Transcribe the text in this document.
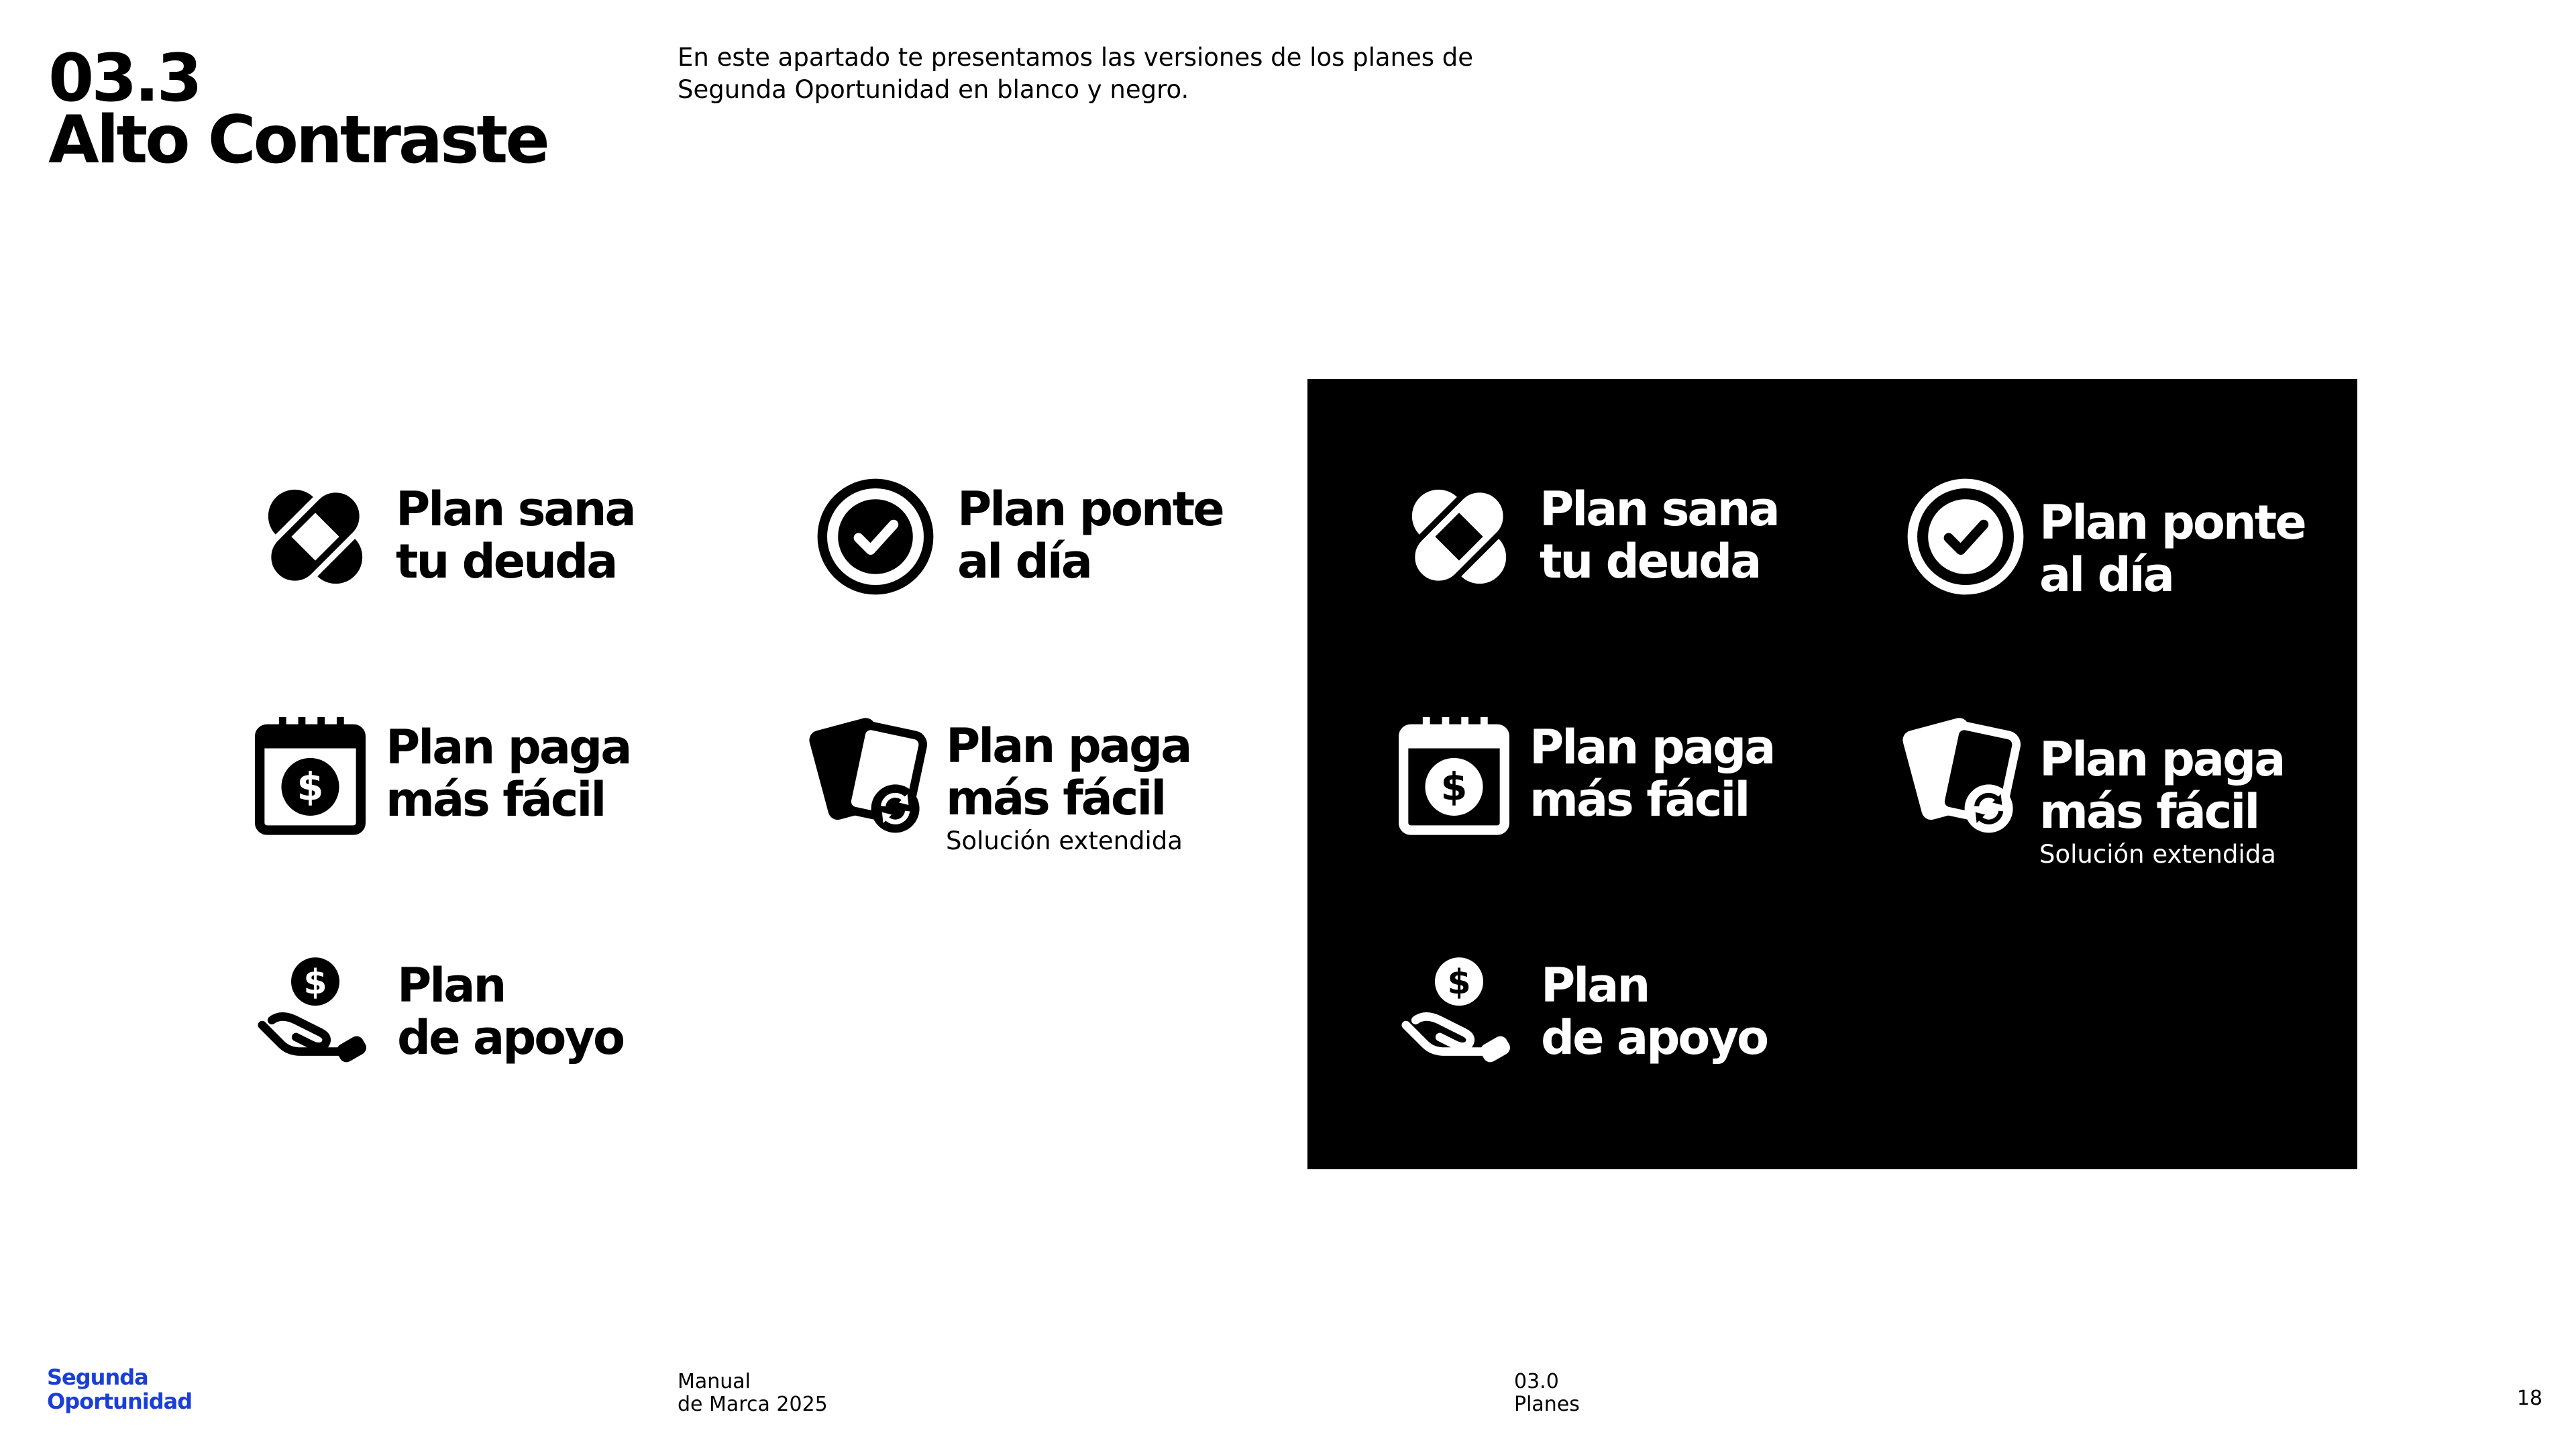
03.3
Alto Contraste
En este apartado te presentamos las versiones de los planes de
Segunda Oportunidad en blanco y negro.
Plan sana
tu deuda
Plan ponte
al día
$
Plan paga
más fácil
Plan paga
más fácil
Solución extendida
$ Plan
de apoyo
Plan sana
tu deuda
Plan ponte
al día
$
Plan paga
más fácil
Plan paga
más fácil
Solución extendida
$ Plan
de apoyo
Segunda
Oportunidad
Manual
de Marca 2025
03.0
Planes	18
